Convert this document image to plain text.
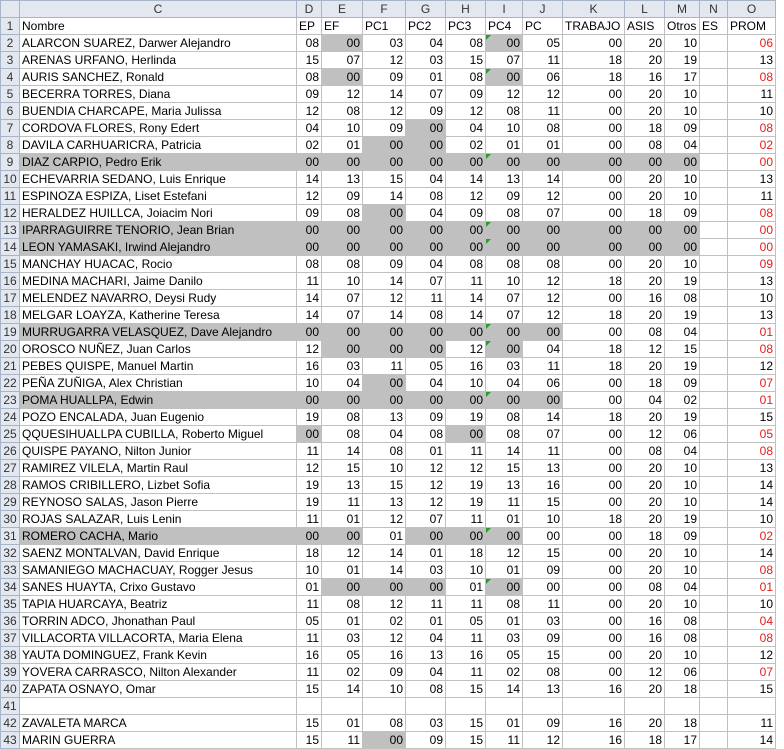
	C	D	E	F	G	H	I	J	K	L	M	N	O
1	Nombre	EP	EF	PC1	PC2	PC3	PC4	PC	TRABAJO	ASIS	Otros	ES	PROM
2	ALARCON SUAREZ, Darwer Alejandro	08	00	03	04	08	00	05	00	20	10		06
3	ARENAS URFANO, Herlinda	15	07	12	03	15	07	11	18	20	19		13
4	AURIS SANCHEZ, Ronald	08	00	09	01	08	00	06	18	16	17		08
5	BECERRA TORRES, Diana	09	12	14	07	09	12	12	00	20	10		11
6	BUENDIA CHARCAPE, Maria Julissa	12	08	12	09	12	08	11	00	20	10		10
7	CORDOVA FLORES, Rony Edert	04	10	09	00	04	10	08	00	18	09		08
8	DAVILA CARHUARICRA, Patricia	02	01	00	00	02	01	01	00	08	04		02
9	DIAZ CARPIO, Pedro Erik	00	00	00	00	00	00	00	00	00	00		00
10	ECHEVARRIA SEDANO, Luis Enrique	14	13	15	04	14	13	14	00	20	10		13
11	ESPINOZA ESPIZA, Liset Estefani	12	09	14	08	12	09	12	00	20	10		11
12	HERALDEZ HUILLCA, Joiacim Nori	09	08	00	04	09	08	07	00	18	09		08
13	IPARRAGUIRRE TENORIO, Jean Brian	00	00	00	00	00	00	00	00	00	00		00
14	LEON YAMASAKI, Irwind Alejandro	00	00	00	00	00	00	00	00	00	00		00
15	MANCHAY HUACAC, Rocio	08	08	09	04	08	08	08	00	20	10		09
16	MEDINA MACHARI, Jaime Danilo	11	10	14	07	11	10	12	18	20	19		13
17	MELENDEZ NAVARRO, Deysi Rudy	14	07	12	11	14	07	12	00	16	08		10
18	MELGAR LOAYZA, Katherine Teresa	14	07	14	08	14	07	12	18	20	19		13
19	MURRUGARRA VELASQUEZ, Dave Alejandro	00	00	00	00	00	00	00	00	08	04		01
20	OROSCO NUÑEZ, Juan Carlos	12	00	00	00	12	00	04	18	12	15		08
21	PEBES QUISPE, Manuel Martin	16	03	11	05	16	03	11	18	20	19		12
22	PEÑA ZUÑIGA, Alex Christian	10	04	00	04	10	04	06	00	18	09		07
23	POMA HUALLPA, Edwin	00	00	00	00	00	00	00	00	04	02		01
24	POZO ENCALADA, Juan Eugenio	19	08	13	09	19	08	14	18	20	19		15
25	QQUESIHUALLPA CUBILLA, Roberto Miguel	00	08	04	08	00	08	07	00	12	06		05
26	QUISPE PAYANO, Nilton Junior	11	14	08	01	11	14	11	00	08	04		08
27	RAMIREZ VILELA, Martin Raul	12	15	10	12	12	15	13	00	20	10		13
28	RAMOS CRIBILLERO, Lizbet Sofia	19	13	15	12	19	13	16	00	20	10		14
29	REYNOSO SALAS, Jason Pierre	19	11	13	12	19	11	15	00	20	10		14
30	ROJAS SALAZAR, Luis Lenin	11	01	12	07	11	01	10	18	20	19		10
31	ROMERO CACHA, Mario	00	00	01	00	00	00	00	00	18	09		02
32	SAENZ MONTALVAN, David Enrique	18	12	14	01	18	12	15	00	20	10		14
33	SAMANIEGO MACHACUAY, Rogger Jesus	10	01	14	03	10	01	09	00	20	10		08
34	SANES HUAYTA, Crixo Gustavo	01	00	00	00	01	00	00	00	08	04		01
35	TAPIA HUARCAYA, Beatriz	11	08	12	11	11	08	11	00	20	10		10
36	TORRIN ADCO, Jhonathan Paul	05	01	02	01	05	01	03	00	16	08		04
37	VILLACORTA VILLACORTA, Maria Elena	11	03	12	04	11	03	09	00	16	08		08
38	YAUTA DOMINGUEZ, Frank Kevin	16	05	16	13	16	05	15	00	20	10		12
39	YOVERA CARRASCO, Nilton Alexander	11	02	09	04	11	02	08	00	12	06		07
40	ZAPATA OSNAYO, Omar	15	14	10	08	15	14	13	16	20	18		15
41													
42	ZAVALETA MARCA	15	01	08	03	15	01	09	16	20	18		11
43	MARIN GUERRA	15	11	00	09	15	11	12	16	18	17		14
